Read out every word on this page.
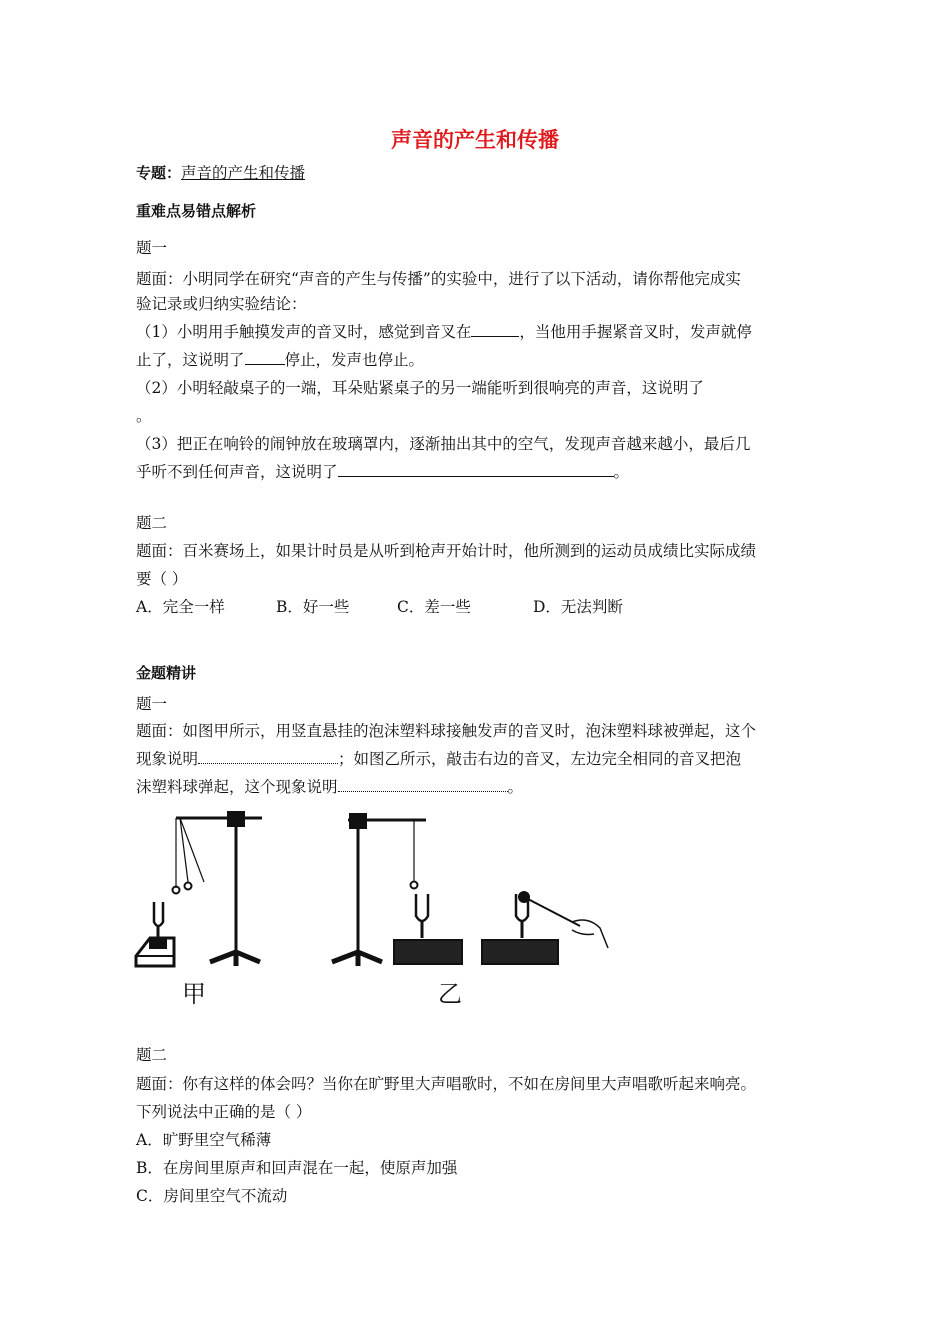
声音的产生和传播
专题：声音的产生和传播
重难点易错点解析
题一
题面：小明同学在研究“声音的产生与传播”的实验中，进行了以下活动，请你帮他完成实
验记录或归纳实验结论：
（1）小明用手触摸发声的音叉时，感觉到音叉在	，当他用手握紧音叉时，发声就停
止了，这说明了	停止，发声也停止。
（2）小明轻敲桌子的一端，耳朵贴紧桌子的另一端能听到很响亮的声音，这说明了
。
（3）把正在响铃的闹钟放在玻璃罩内，逐渐抽出其中的空气，发现声音越来越小，最后几
乎听不到任何声音，这说明了	。
题二
题面：百米赛场上，如果计时员是从听到枪声开始计时，他所测到的运动员成绩比实际成绩
要（ ）
A．完全一样	B．好一些	C．差一些	D．无法判断
金题精讲
题一
题面：如图甲所示，用竖直悬挂的泡沫塑料球接触发声的音叉时，泡沫塑料球被弹起，这个
现象说明	；如图乙所示，敲击右边的音叉，左边完全相同的音叉把泡
沫塑料球弹起，这个现象说明	。
甲	乙
题二
题面：你有这样的体会吗？当你在旷野里大声唱歌时，不如在房间里大声唱歌听起来响亮。
下列说法中正确的是（ ）
A．旷野里空气稀薄
B．在房间里原声和回声混在一起，使原声加强
C．房间里空气不流动
